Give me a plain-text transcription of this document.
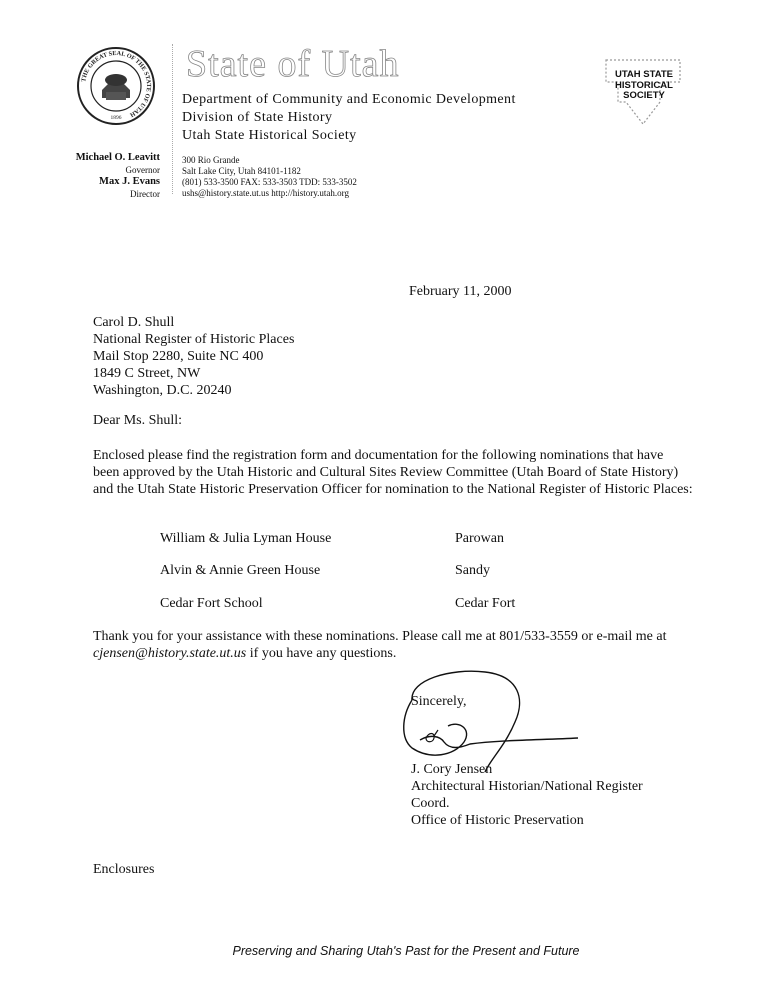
THE GREAT SEAL OF THE STATE OF UTAH
1896
State of Utah
Department of Community and Economic Development
Division of State History
Utah State Historical Society
Michael O. Leavitt
Governor
Max J. Evans
Director
300 Rio Grande
Salt Lake City, Utah 84101-1182
(801) 533-3500 FAX: 533-3503 TDD: 533-3502
ushs@history.state.ut.us http://history.utah.org
UTAH STATE
HISTORICAL
SOCIETY
February 11, 2000
Carol D. Shull
National Register of Historic Places
Mail Stop 2280, Suite NC 400
1849 C Street, NW
Washington, D.C. 20240
Dear Ms. Shull:
Enclosed please find the registration form and documentation for the following nominations that have been approved by the Utah Historic and Cultural Sites Review Committee (Utah Board of State History) and the Utah State Historic Preservation Officer for nomination to the National Register of Historic Places:
William & Julia Lyman House	Parowan
Alvin & Annie Green House	Sandy
Cedar Fort School	Cedar Fort
Thank you for your assistance with these nominations. Please call me at 801/533-3559 or e-mail me at cjensen@history.state.ut.us if you have any questions.
Sincerely,
J. Cory Jensen
Architectural Historian/National Register
Coord.
Office of Historic Preservation
Enclosures
Preserving and Sharing Utah's Past for the Present and Future
